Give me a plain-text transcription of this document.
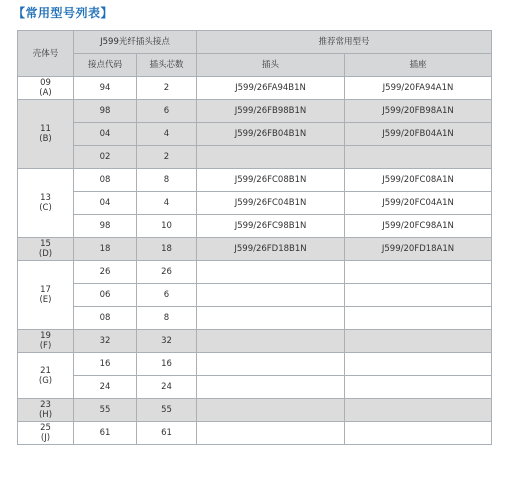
【常用型号列表】
壳体号	J599光纤插头接点		推荐常用型号	
	接点代码	插头芯数	插头	插座

09
(A)	94	2	J599/26FA94B1N	J599/20FA94A1N

11
(B)	98	6	J599/26FB98B1N	J599/20FB98A1N
	04	4	J599/26FB04B1N	J599/20FB04A1N
	02	2		

13
(C)	08	8	J599/26FC08B1N	J599/20FC08A1N
	04	4	J599/26FC04B1N	J599/20FC04A1N
	98	10	J599/26FC98B1N	J599/20FC98A1N

15
(D)	18	18	J599/26FD18B1N	J599/20FD18A1N

17
(E)	26	26		
	06	6		
	08	8		

19
(F)	32	32		

21
(G)	16	16		
	24	24		

23
(H)	55	55		

25
(J)	61	61		
